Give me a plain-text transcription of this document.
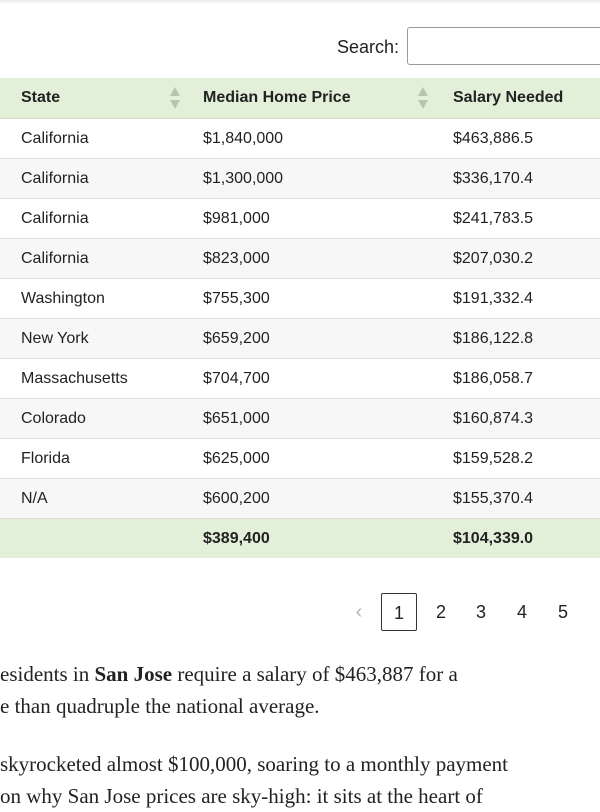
Search:
State	Median Home Price	Salary Needed
California	$1,840,000	$463,886.5
California	$1,300,000	$336,170.4
California	$981,000	$241,783.5
California	$823,000	$207,030.2
Washington	$755,300	$191,332.4
New York	$659,200	$186,122.8
Massachusetts	$704,700	$186,058.7
Colorado	$651,000	$160,874.3
Florida	$625,000	$159,528.2
N/A	$600,200	$155,370.4
	$389,400	$104,339.0
‹	1	2	3	4	5
esidents in San Jose require a salary of $463,887 for a
e than quadruple the national average.
skyrocketed almost $100,000, soaring to a monthly payment
on why San Jose prices are sky-high: it sits at the heart of
